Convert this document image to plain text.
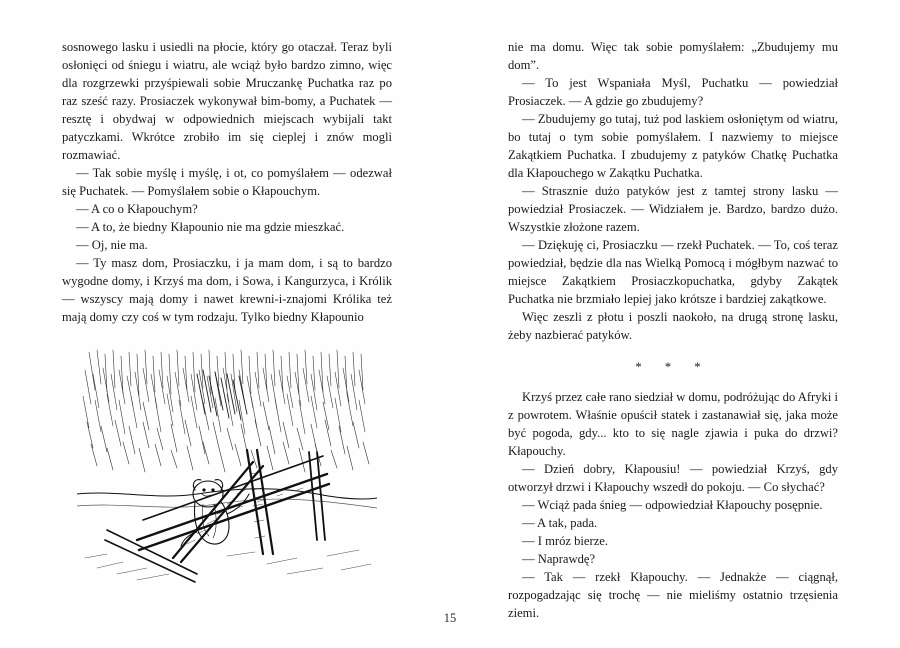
sosnowego lasku i usiedli na płocie, który go otaczał. Teraz byli osłonięci od śniegu i wiatru, ale wciąż było bardzo zimno, więc dla rozgrzewki przyśpiewali sobie Mruczankę Puchatka raz po raz sześć razy. Prosiaczek wykonywał bim-bomy, a Puchatek — resztę i obydwaj w odpowiednich miejscach wybijali takt patyczkami. Wkrótce zrobiło im się cieplej i znów mogli rozmawiać.

— Tak sobie myślę i myślę, i ot, co pomyślałem — odezwał się Puchatek. — Pomyślałem sobie o Kłapouchym.

— A co o Kłapouchym?

— A to, że biedny Kłapounio nie ma gdzie mieszkać.

— Oj, nie ma.

— Ty masz dom, Prosiaczku, i ja mam dom, i są to bardzo wygodne domy, i Krzyś ma dom, i Sowa, i Kangurzyca, i Królik — wszyscy mają domy i nawet krewni-i-znajomi Królika też mają domy czy coś w tym rodzaju. Tylko biedny Kłapounio

nie ma domu. Więc tak sobie pomyślałem: „Zbudujemy mu dom”.

— To jest Wspaniała Myśl, Puchatku — powiedział Prosiaczek. — A gdzie go zbudujemy?

— Zbudujemy go tutaj, tuż pod laskiem osłoniętym od wiatru, bo tutaj o tym sobie pomyślałem. I nazwiemy to miejsce Zakątkiem Puchatka. I zbudujemy z patyków Chatkę Puchatka dla Kłapouchego w Zakątku Puchatka.

— Strasznie dużo patyków jest z tamtej strony lasku — powiedział Prosiaczek. — Widziałem je. Bardzo, bardzo dużo. Wszystkie złożone razem.

— Dziękuję ci, Prosiaczku — rzekł Puchatek. — To, coś teraz powiedział, będzie dla nas Wielką Pomocą i mógłbym nazwać to miejsce Zakątkiem Prosiaczkopuchatka, gdyby Zakątek Puchatka nie brzmiało lepiej jako krótsze i bardziej zakątkowe.

Więc zeszli z płotu i poszli naokoło, na drugą stronę lasku, żeby nazbierać patyków.

* * *

Krzyś przez całe rano siedział w domu, podróżując do Afryki i z powrotem. Właśnie opuścił statek i zastanawiał się, jaka może być pogoda, gdy... kto to się nagle zjawia i puka do drzwi? Kłapouchy.

— Dzień dobry, Kłapousiu! — powiedział Krzyś, gdy otworzył drzwi i Kłapouchy wszedł do pokoju. — Co słychać?

— Wciąż pada śnieg — odpowiedział Kłapouchy posępnie.

— A tak, pada.

— I mróz bierze.

— Naprawdę?

— Tak — rzekł Kłapouchy. — Jednakże — ciągnął, rozpogadzając się trochę — nie mieliśmy ostatnio trzęsienia ziemi.

15
